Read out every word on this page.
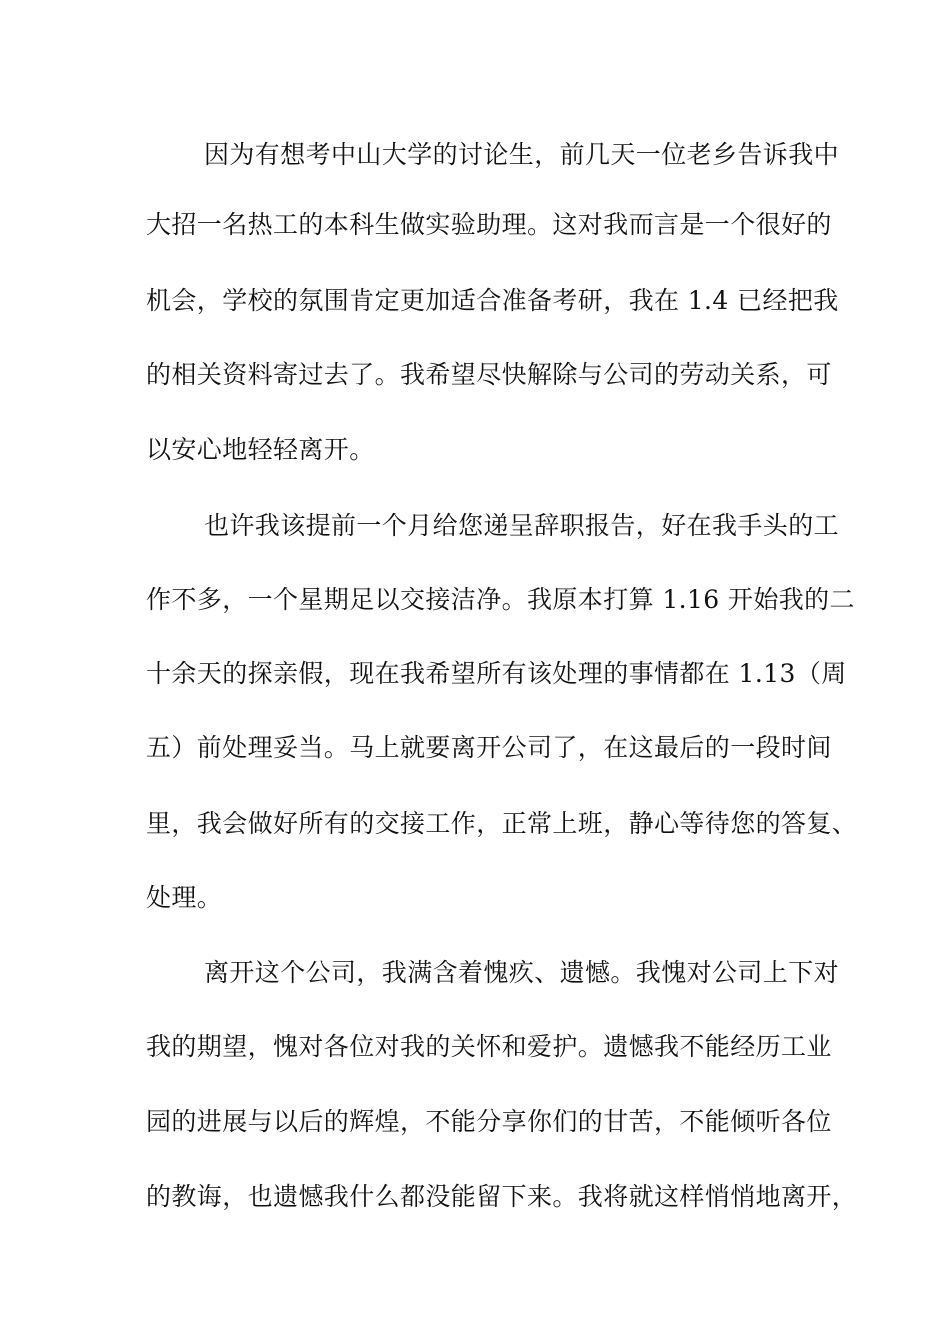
因为有想考中山大学的讨论生，前几天一位老乡告诉我中
大招一名热工的本科生做实验助理。这对我而言是一个很好的
机会，学校的氛围肯定更加适合准备考研，我在 1.4 已经把我
的相关资料寄过去了。我希望尽快解除与公司的劳动关系，可
以安心地轻轻离开。
也许我该提前一个月给您递呈辞职报告，好在我手头的工
作不多，一个星期足以交接洁净。我原本打算 1.16 开始我的二
十余天的探亲假，现在我希望所有该处理的事情都在 1.13（周
五）前处理妥当。马上就要离开公司了，在这最后的一段时间
里，我会做好所有的交接工作，正常上班，静心等待您的答复、
处理。
离开这个公司，我满含着愧疚、遗憾。我愧对公司上下对
我的期望，愧对各位对我的关怀和爱护。遗憾我不能经历工业
园的进展与以后的辉煌，不能分享你们的甘苦，不能倾听各位
的教诲，也遗憾我什么都没能留下来。我将就这样悄悄地离开，
